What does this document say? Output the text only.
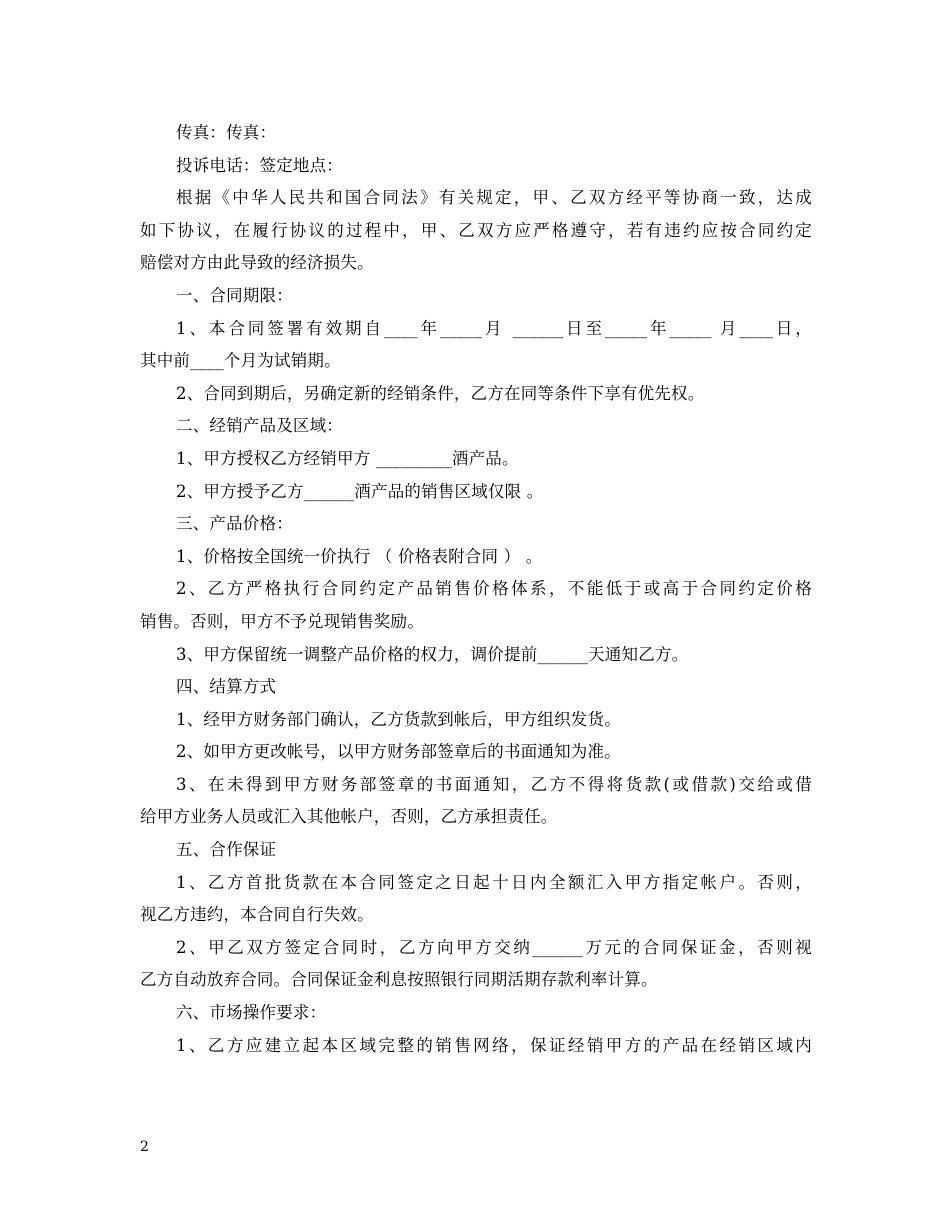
传真：传真：
投诉电话：签定地点：
根据《中华人民共和国合同法》有关规定，甲、乙双方经平等协商一致，达成
如下协议，在履行协议的过程中，甲、乙双方应严格遵守，若有违约应按合同约定
赔偿对方由此导致的经济损失。
一、合同期限：
1、本合同签署有效期自____年_____月 ______日至_____年_____ 月____日，
其中前____个月为试销期。
2、合同到期后，另确定新的经销条件，乙方在同等条件下享有优先权。
二、经销产品及区域：
1、甲方授权乙方经销甲方 _________酒产品。
2、甲方授予乙方______酒产品的销售区域仅限 。
三、产品价格：
1、价格按全国统一价执行 （ 价格表附合同 ） 。
2、乙方严格执行合同约定产品销售价格体系，不能低于或高于合同约定价格
销售。否则，甲方不予兑现销售奖励。
3、甲方保留统一调整产品价格的权力，调价提前______天通知乙方。
四、结算方式
1、经甲方财务部门确认，乙方货款到帐后，甲方组织发货。
2、如甲方更改帐号，以甲方财务部签章后的书面通知为准。
3、在未得到甲方财务部签章的书面通知，乙方不得将货款(或借款)交给或借
给甲方业务人员或汇入其他帐户，否则，乙方承担责任。
五、合作保证
1、乙方首批货款在本合同签定之日起十日内全额汇入甲方指定帐户。否则，
视乙方违约，本合同自行失效。
2、甲乙双方签定合同时，乙方向甲方交纳______万元的合同保证金，否则视
乙方自动放弃合同。合同保证金利息按照银行同期活期存款利率计算。
六、市场操作要求：
1、乙方应建立起本区域完整的销售网络，保证经销甲方的产品在经销区域内
2
